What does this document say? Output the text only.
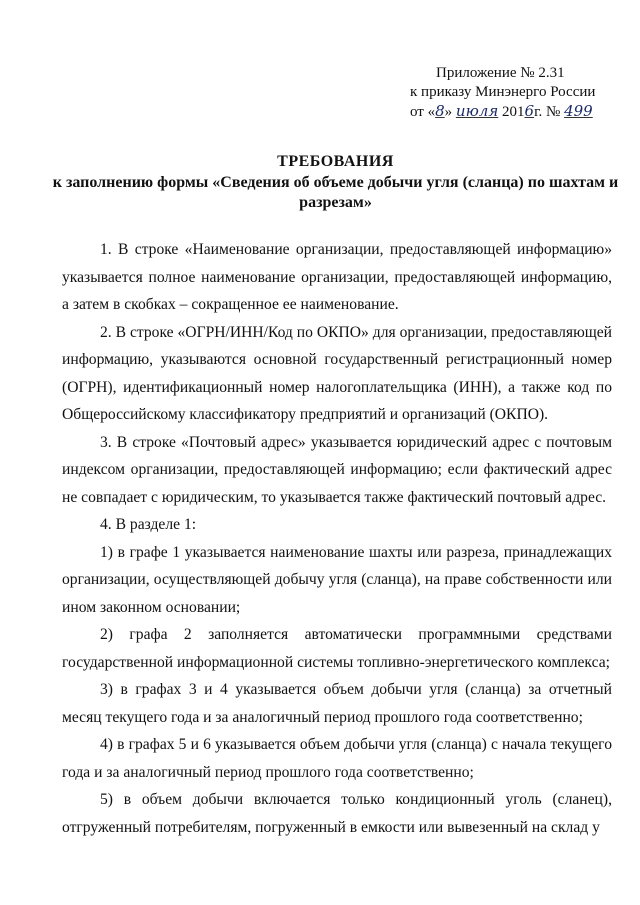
Приложение № 2.31
к приказу Минэнерго России
от «8» июля 2016г. № 499
ТРЕБОВАНИЯ
к заполнению формы «Сведения об объеме добычи угля (сланца) по шахтам и разрезам»

1. В строке «Наименование организации, предоставляющей информацию» указывается полное наименование организации, предоставляющей информацию, а затем в скобках – сокращенное ее наименование.

2. В строке «ОГРН/ИНН/Код по ОКПО» для организации, предоставляющей информацию, указываются основной государственный регистрационный номер (ОГРН), идентификационный номер налогоплательщика (ИНН), а также код по Общероссийскому классификатору предприятий и организаций (ОКПО).

3. В строке «Почтовый адрес» указывается юридический адрес с почтовым индексом организации, предоставляющей информацию; если фактический адрес не совпадает с юридическим, то указывается также фактический почтовый адрес.

4. В разделе 1:

1) в графе 1 указывается наименование шахты или разреза, принадлежащих организации, осуществляющей добычу угля (сланца), на праве собственности или ином законном основании;

2) графа 2 заполняется автоматически программными средствами государственной информационной системы топливно-энергетического комплекса;

3) в графах 3 и 4 указывается объем добычи угля (сланца) за отчетный месяц текущего года и за аналогичный период прошлого года соответственно;

4) в графах 5 и 6 указывается объем добычи угля (сланца) с начала текущего года и за аналогичный период прошлого года соответственно;

5) в объем добычи включается только кондиционный уголь (сланец), отгруженный потребителям, погруженный в емкости или вывезенный на склад у
